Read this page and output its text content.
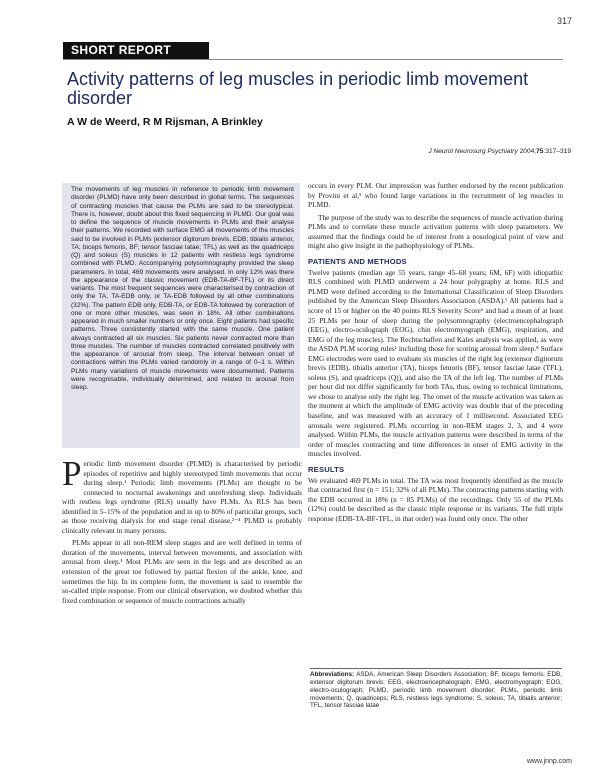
317
SHORT REPORT
Activity patterns of leg muscles in periodic limb movement disorder
A W de Weerd, R M Rijsman, A Brinkley
J Neurol Neurosurg Psychiatry 2004;75:317–319

The movements of leg muscles in reference to periodic limb movement disorder (PLMD) have only been described in global terms. The sequences of contracting muscles that cause the PLMs are said to be stereotypical. There is, however, doubt about this fixed sequencing in PLMD. Our goal was to define the sequence of muscle movements in PLMs and their analyse their patterns. We recorded with surface EMG all movements of the muscles said to be involved in PLMs (extensor digitorum brevis, EDB; tibialis anterior, TA; biceps femoris, BF; tensor fasciae latae; TFL) as well as the quadriceps (Q) and soleus (S) muscles in 12 patients with restless legs syndrome combined with PLMD. Accompanying polysomnography provided the sleep parameters. In total, 469 movements were analysed. In only 12% was there the appearance of the classic movement (EDB-TA-BF-TFL) or its direct variants. The most frequent sequences were characterised by contraction of only the TA, TA-EDB only, or TA-EDB followed by all other combinations (32%). The pattern EDB only, EDB-TA, or EDB-TA followed by contraction of one or more other muscles, was seen in 18%. All other combinations appeared in much smaller numbers or only once. Eight patients had specific patterns. Three consistently started with the same muscle. One patient always contracted all six muscles. Six patients never contracted more than three muscles. The number of muscles contracted correlated positively with the appearance of arousal from sleep. The interval between onset of contractions within the PLMs varied randomly in a range of 0–1 s. Within PLMs many variations of muscle movements were documented. Patterns were recognisable, individually determined, and related to arousal from sleep.

Periodic limb movement disorder (PLMD) is characterised by periodic episodes of repetitive and highly stereotyped limb movements that occur during sleep.¹ Periodic limb movements (PLMs) are thought to be connected to nocturnal awakenings and unrefreshing sleep. Individuals with restless legs syndrome (RLS) usually have PLMs. As RLS has been identified in 5–15% of the population and in up to 80% of particular groups, such as those receiving dialysis for end stage renal disease,²⁻⁴ PLMD is probably clinically relevant in many persons.

PLMs appear in all non-REM sleep stages and are well defined in terms of duration of the movements, interval between movements, and association with arousal from sleep.¹ Most PLMs are seen in the legs and are described as an extension of the great toe followed by partial flexion of the ankle, knee, and sometimes the hip. In its complete form, the movement is said to resemble the so-called triple response. From our clinical observation, we doubted whether this fixed combination or sequence of muscle contractions actually

occurs in every PLM. Our impression was further endorsed by the recent publication by Provini et al,⁵ who found large variations in the recruitment of leg muscles in PLMD.

The purpose of the study was to describe the sequences of muscle activation during PLMs and to correlate these muscle activation patterns with sleep parameters. We assumed that the findings could be of interest from a nosological point of view and might also give insight in the pathophysiology of PLMs.

PATIENTS AND METHODS

Twelve patients (median age 55 years, range 45–68 years; 6M, 6F) with idiopathic RLS combined with PLMD underwent a 24 hour polygraphy at home. RLS and PLMD were defined according to the International Classification of Sleep Disorders published by the American Sleep Disorders Association (ASDA).¹ All patients had a score of 15 or higher on the 40 points RLS Severity Score⁶ and had a mean of at least 25 PLMs per hour of sleep during the polysomnography (electroencephalograph (EEG), electro-oculograph (EOG), chin electromyograph (EMG), respiration, and EMG of the leg muscles). The Rechtschaffen and Kales analysis was applied, as were the ASDA PLM scoring rules¹ including those for scoring arousal from sleep.⁸ Surface EMG electrodes were used to evaluate six muscles of the right leg (extensor digitorum brevis (EDB), tibialis anterior (TA), biceps femoris (BF), tensor fasciae latae (TFL), soleus (S), and quadriceps (Q)), and also the TA of the left leg. The number of PLMs per hour did not differ significantly for both TAs, thus, owing to technical limitations, we chose to analyse only the right leg. The onset of the muscle activation was taken as the moment at which the amplitude of EMG activity was double that of the preceding baseline, and was measured with an accuracy of 1 millisecond. Associated EEG arousals were registered. PLMs occurring in non-REM stages 2, 3, and 4 were analysed. Within PLMs, the muscle activation patterns were described in terms of the order of muscles contracting and time differences in onset of EMG activity in the muscles involved.

RESULTS

We evaluated 469 PLMs in total. The TA was most frequently identified as the muscle that contracted first (n = 151; 32% of all PLMs). The contracting patterns starting with the EDB occurred in 18% (n = 85 PLMs) of the recordings. Only 55 of the PLMs (12%) could be described as the classic triple response or its variants. The full triple response (EDB-TA-BF-TFL, in that order) was found only once. The other

Abbreviations: ASDA, American Sleep Disorders Association; BF, biceps femoris; EDB, extensor digitorum brevis; EEG, electroencephalograph; EMG, electromyograph; EOG, electro-oculograph; PLMD, periodic limb movement disorder; PLMs, periodic limb movements; Q, quadriceps; RLS, restless legs syndrome; S, soleus; TA, tibialis anterior; TFL, tensor fasciae latae

www.jnnp.com
